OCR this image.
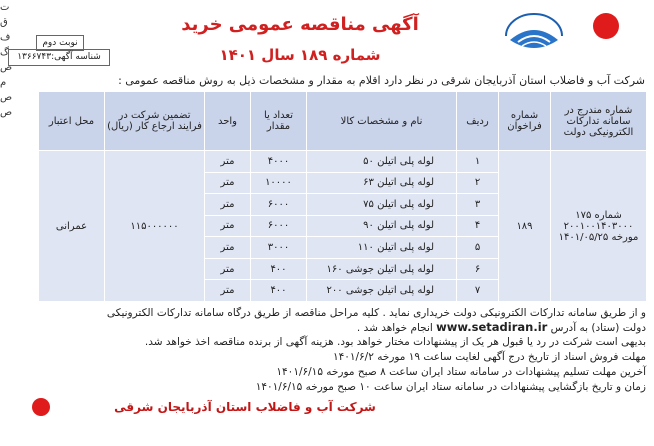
ت
ق
ف
گ
ص
م
ص
ص
آگهی مناقصه عمومی خرید
شماره ۱۸۹ سال ۱۴۰۱
نوبت دوم
شناسه آگهی:۱۳۶۶۷۴۳
شرکت آب و فاضلاب استان آذربایجان شرقی در نظر دارد اقلام به مقدار و مشخصات ذیل به روش مناقصه عمومی :
شماره مندرج در سامانه تدارکات الکترونیکی دولت	شماره فراخوان	ردیف	نام و مشخصات کالا	تعداد یا مقدار	واحد	تضمین شرکت در فرایند ارجاع کار (ریال)	محل اعتبار

شماره ۱۷۵
۲۰۰۱۰۰۱۴۰۳۰۰۰
مورخه ۱۴۰۱/۰۵/۲۵	۱۸۹	۱	لوله پلی اتیلن ۵۰	۴۰۰۰	متر	۱۱۵۰۰۰۰۰۰	عمرانی
		۲	لوله پلی اتیلن ۶۳	۱۰۰۰۰	متر		
		۳	لوله پلی اتیلن ۷۵	۶۰۰۰	متر		
		۴	لوله پلی اتیلن ۹۰	۶۰۰۰	متر		
		۵	لوله پلی اتیلن ۱۱۰	۳۰۰۰	متر		
		۶	لوله پلی اتیلن جوشی ۱۶۰	۴۰۰	متر		
		۷	لوله پلی اتیلن جوشی ۲۰۰	۴۰۰	متر		
و از طریق سامانه تدارکات الکترونیکی دولت خریداری نماید . کلیه مراحل مناقصه از طریق درگاه سامانه تدارکات الکترونیکی
دولت (ستاد) به آدرس www.setadiran.ir انجام خواهد شد .
بدیهی است شرکت در رد یا قبول هر یک از پیشنهادات مختار خواهد بود. هزینه آگهی از برنده مناقصه اخذ خواهد شد.
مهلت فروش اسناد از تاریخ درج آگهی لغایت ساعت ۱۹ مورخه ۱۴۰۱/۶/۲
آخرین مهلت تسلیم پیشنهادات در سامانه ستاد ایران ساعت ۸ صبح مورخه ۱۴۰۱/۶/۱۵
زمان و تاریخ بازگشایی پیشنهادات در سامانه ستاد ایران ساعت ۱۰ صبح مورخه ۱۴۰۱/۶/۱۵
شرکت آب و فاضلاب استان آذربایجان شرقی
